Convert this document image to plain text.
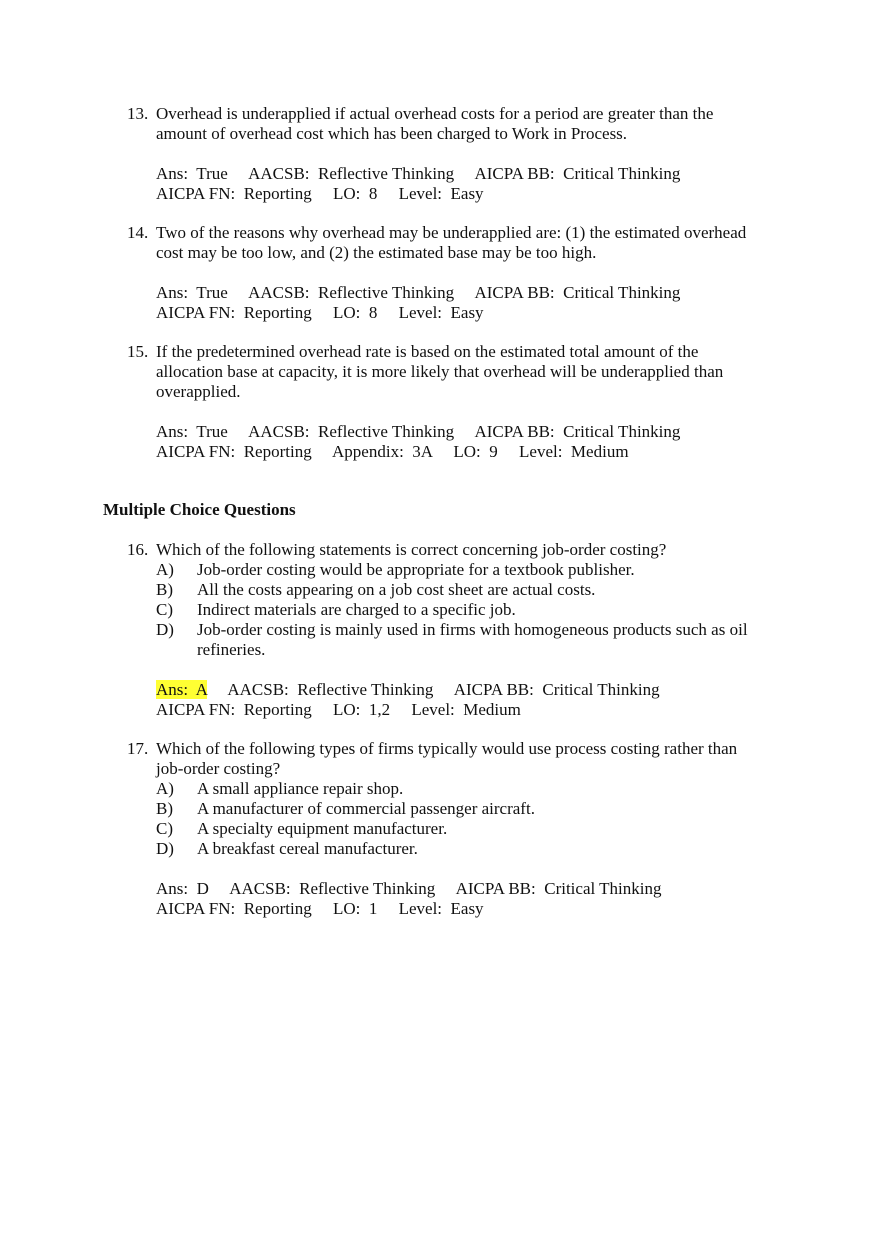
13. Overhead is underapplied if actual overhead costs for a period are greater than the amount of overhead cost which has been charged to Work in Process.
Ans:  True     AACSB:  Reflective Thinking     AICPA BB:  Critical Thinking
AICPA FN:  Reporting     LO:  8     Level:  Easy
14. Two of the reasons why overhead may be underapplied are: (1) the estimated overhead cost may be too low, and (2) the estimated base may be too high.
Ans:  True     AACSB:  Reflective Thinking     AICPA BB:  Critical Thinking
AICPA FN:  Reporting     LO:  8     Level:  Easy
15. If the predetermined overhead rate is based on the estimated total amount of the allocation base at capacity, it is more likely that overhead will be underapplied than overapplied.
Ans:  True     AACSB:  Reflective Thinking     AICPA BB:  Critical Thinking
AICPA FN:  Reporting     Appendix:  3A     LO:  9     Level:  Medium
Multiple Choice Questions
16. Which of the following statements is correct concerning job-order costing?
A) Job-order costing would be appropriate for a textbook publisher.
B) All the costs appearing on a job cost sheet are actual costs.
C) Indirect materials are charged to a specific job.
D) Job-order costing is mainly used in firms with homogeneous products such as oil refineries.
Ans:  A     AACSB:  Reflective Thinking     AICPA BB:  Critical Thinking
AICPA FN:  Reporting     LO:  1,2     Level:  Medium
17. Which of the following types of firms typically would use process costing rather than job-order costing?
A) A small appliance repair shop.
B) A manufacturer of commercial passenger aircraft.
C) A specialty equipment manufacturer.
D) A breakfast cereal manufacturer.
Ans:  D     AACSB:  Reflective Thinking     AICPA BB:  Critical Thinking
AICPA FN:  Reporting     LO:  1     Level:  Easy
